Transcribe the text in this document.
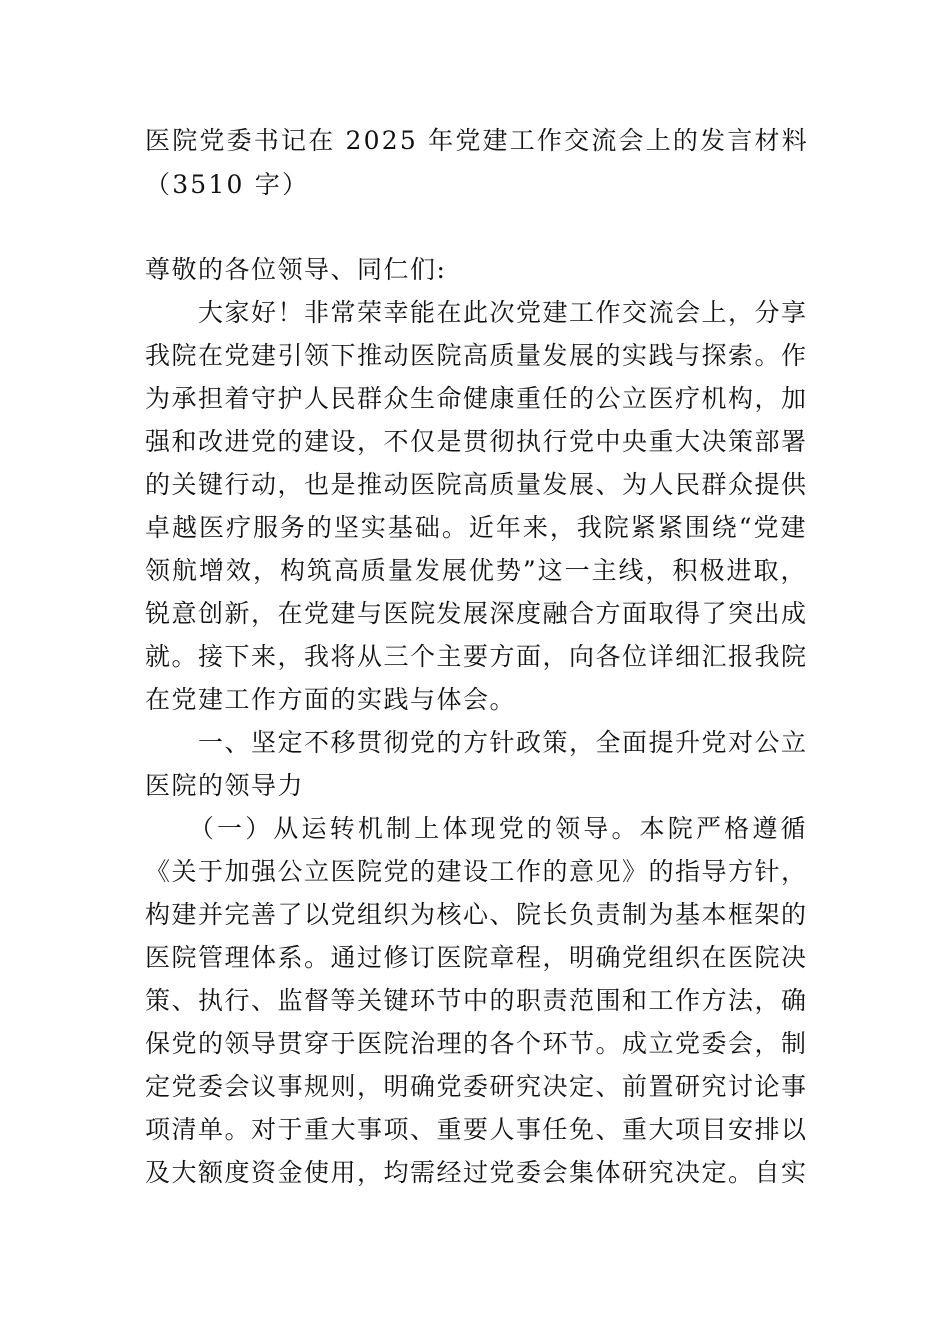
医院党委书记在 2025 年党建工作交流会上的发言材料
（3510 字）
尊敬的各位领导、同仁们:
　　大家好！非常荣幸能在此次党建工作交流会上，分享
我院在党建引领下推动医院高质量发展的实践与探索。作
为承担着守护人民群众生命健康重任的公立医疗机构，加
强和改进党的建设，不仅是贯彻执行党中央重大决策部署
的关键行动，也是推动医院高质量发展、为人民群众提供
卓越医疗服务的坚实基础。近年来，我院紧紧围绕“党建
领航增效，构筑高质量发展优势”这一主线，积极进取，
锐意创新，在党建与医院发展深度融合方面取得了突出成
就。接下来，我将从三个主要方面，向各位详细汇报我院
在党建工作方面的实践与体会。
　　一、坚定不移贯彻党的方针政策，全面提升党对公立
医院的领导力
　　（一）从运转机制上体现党的领导。本院严格遵循
《关于加强公立医院党的建设工作的意见》的指导方针，
构建并完善了以党组织为核心、院长负责制为基本框架的
医院管理体系。通过修订医院章程，明确党组织在医院决
策、执行、监督等关键环节中的职责范围和工作方法，确
保党的领导贯穿于医院治理的各个环节。成立党委会，制
定党委会议事规则，明确党委研究决定、前置研究讨论事
项清单。对于重大事项、重要人事任免、重大项目安排以
及大额度资金使用，均需经过党委会集体研究决定。自实
